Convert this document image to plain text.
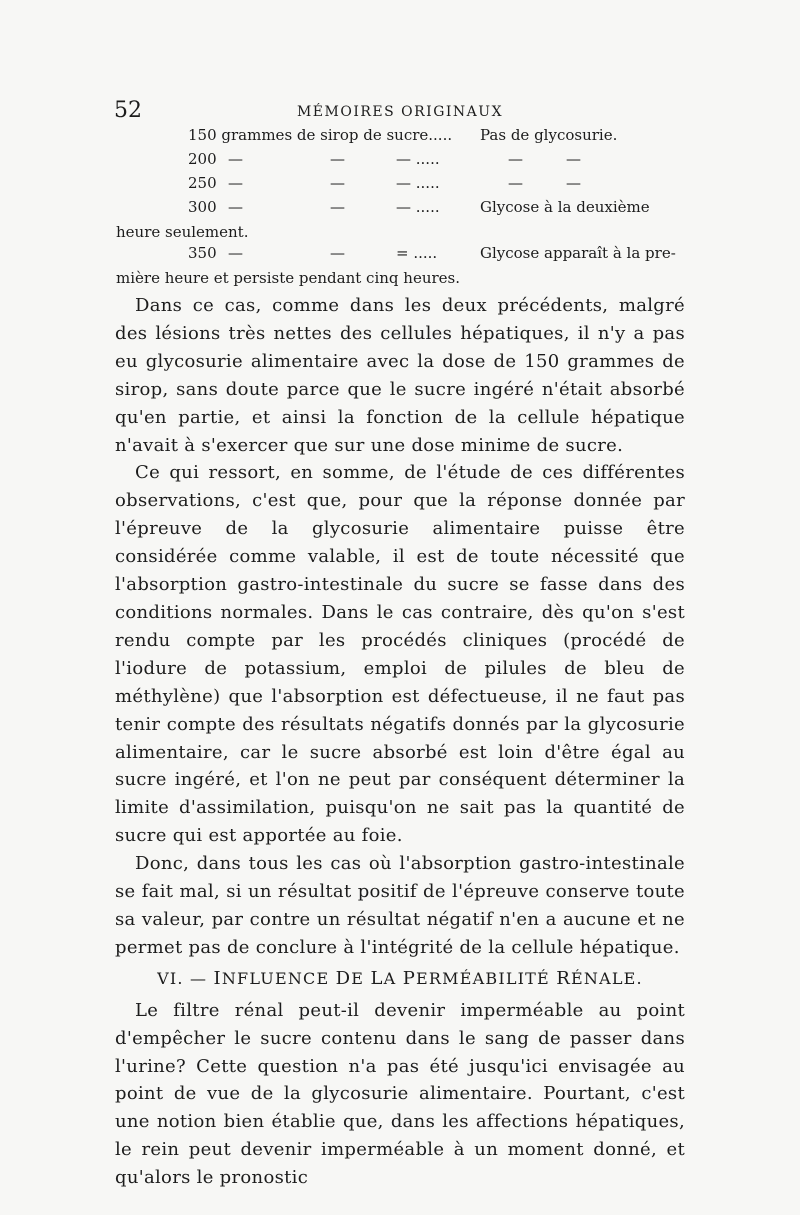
52	MÉMOIRES ORIGINAUX
150 grammes de sirop de sucre..... Pas de glycosurie.
200 —	—	— .....	—	—
250 —	—	— .....	—	—
300 —	—	— .....	Glycose à la deuxième
heure seulement.
350 —	—	= .....	Glycose apparaît à la pre-
mière heure et persiste pendant cinq heures.

Dans ce cas, comme dans les deux précédents, malgré des lésions très nettes des cellules hépatiques, il n'y a pas eu glycosurie alimentaire avec la dose de 150 grammes de sirop, sans doute parce que le sucre ingéré n'était absorbé qu'en partie, et ainsi la fonction de la cellule hépatique n'avait à s'exercer que sur une dose minime de sucre.

Ce qui ressort, en somme, de l'étude de ces différentes observations, c'est que, pour que la réponse donnée par l'épreuve de la glycosurie alimentaire puisse être considérée comme valable, il est de toute nécessité que l'absorption gastro-intestinale du sucre se fasse dans des conditions normales. Dans le cas contraire, dès qu'on s'est rendu compte par les procédés cliniques (procédé de l'iodure de potassium, emploi de pilules de bleu de méthylène) que l'absorption est défectueuse, il ne faut pas tenir compte des résultats négatifs donnés par la glycosurie alimentaire, car le sucre absorbé est loin d'être égal au sucre ingéré, et l'on ne peut par conséquent déterminer la limite d'assimilation, puisqu'on ne sait pas la quantité de sucre qui est apportée au foie.

Donc, dans tous les cas où l'absorption gastro-intestinale se fait mal, si un résultat positif de l'épreuve conserve toute sa valeur, par contre un résultat négatif n'en a aucune et ne permet pas de conclure à l'intégrité de la cellule hépatique.

VI. — INFLUENCE DE LA PERMÉABILITÉ RÉNALE.

Le filtre rénal peut-il devenir imperméable au point d'empêcher le sucre contenu dans le sang de passer dans l'urine? Cette question n'a pas été jusqu'ici envisagée au point de vue de la glycosurie alimentaire. Pourtant, c'est une notion bien établie que, dans les affections hépatiques, le rein peut devenir imperméable à un moment donné, et qu'alors le pronostic
